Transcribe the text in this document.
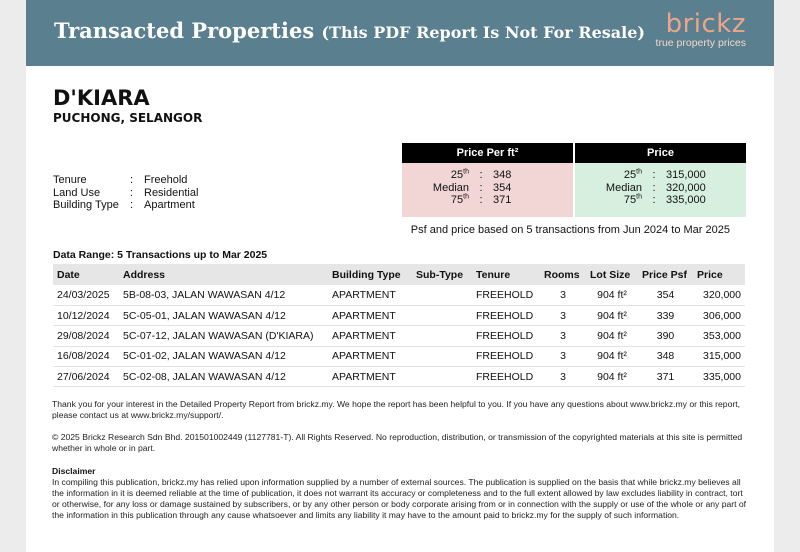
Transacted Properties (This PDF Report Is Not For Resale) brickz
true property prices
D'KIARA
PUCHONG, SELANGOR
Tenure	: Freehold
Land Use	: Residential
Building Type	: Apartment
Price Per ft²
25th : 348
Median : 354
75th : 371
Price
25th : 315,000
Median : 320,000
75th : 335,000
Psf and price based on 5 transactions from Jun 2024 to Mar 2025
Data Range: 5 Transactions up to Mar 2025
Date	Address	Building Type	Sub-Type	Tenure	Rooms	Lot Size	Price Psf	Price
24/03/2025	5B-08-03, JALAN WAWASAN 4/12	APARTMENT		FREEHOLD	3	904 ft²	354	320,000
10/12/2024	5C-05-01, JALAN WAWASAN 4/12	APARTMENT		FREEHOLD	3	904 ft²	339	306,000
29/08/2024	5C-07-12, JALAN WAWASAN (D'KIARA)	APARTMENT		FREEHOLD	3	904 ft²	390	353,000
16/08/2024	5C-01-02, JALAN WAWASAN 4/12	APARTMENT		FREEHOLD	3	904 ft²	348	315,000
27/06/2024	5C-02-08, JALAN WAWASAN 4/12	APARTMENT		FREEHOLD	3	904 ft²	371	335,000
Thank you for your interest in the Detailed Property Report from brickz.my. We hope the report has been helpful to you. If you have any questions about www.brickz.my or this report, please contact us at www.brickz.my/support/.
© 2025 Brickz Research Sdn Bhd. 201501002449 (1127781-T). All Rights Reserved. No reproduction, distribution, or transmission of the copyrighted materials at this site is permitted whether in whole or in part.
Disclaimer
In compiling this publication, brickz.my has relied upon information supplied by a number of external sources. The publication is supplied on the basis that while brickz.my believes all the information in it is deemed reliable at the time of publication, it does not warrant its accuracy or completeness and to the full extent allowed by law excludes liability in contract, tort or otherwise, for any loss or damage sustained by subscribers, or by any other person or body corporate arising from or in connection with the supply or use of the whole or any part of the information in this publication through any cause whatsoever and limits any liability it may have to the amount paid to brickz.my for the supply of such information.
